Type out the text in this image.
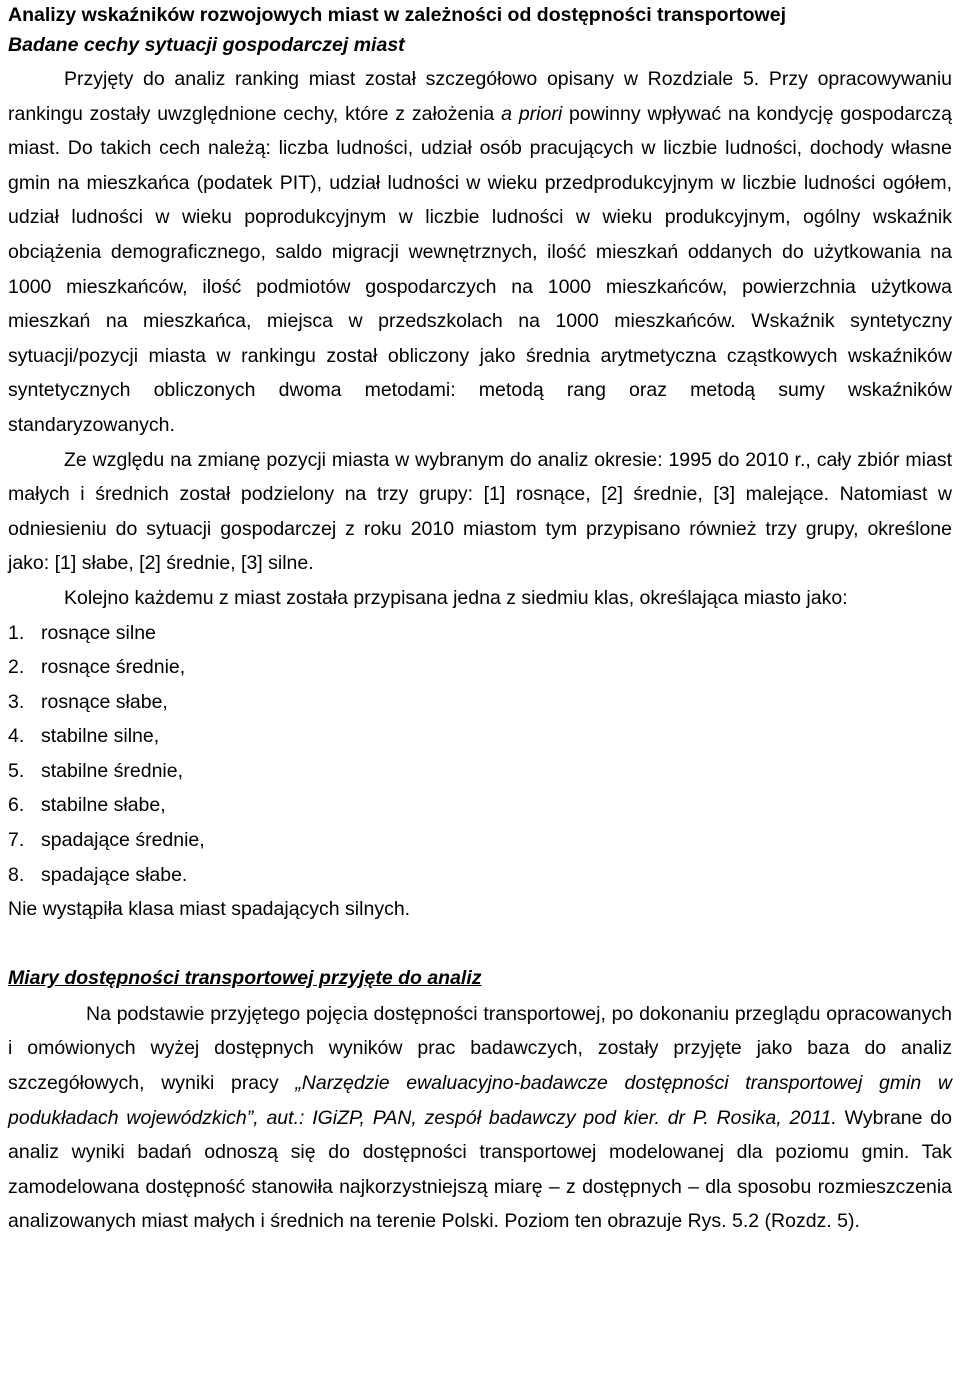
Analizy wskaźników rozwojowych miast w zależności od dostępności transportowej
Badane cechy sytuacji gospodarczej miast

Przyjęty do analiz ranking miast został szczegółowo opisany w Rozdziale 5. Przy opracowywaniu rankingu zostały uwzględnione cechy, które z założenia a priori powinny wpływać na kondycję gospodarczą miast. Do takich cech należą: liczba ludności, udział osób pracujących w liczbie ludności, dochody własne gmin na mieszkańca (podatek PIT), udział ludności w wieku przedprodukcyjnym w liczbie ludności ogółem, udział ludności w wieku poprodukcyjnym w liczbie ludności w wieku produkcyjnym, ogólny wskaźnik obciążenia demograficznego, saldo migracji wewnętrznych, ilość mieszkań oddanych do użytkowania na 1000 mieszkańców, ilość podmiotów gospodarczych na 1000 mieszkańców, powierzchnia użytkowa mieszkań na mieszkańca, miejsca w przedszkolach na 1000 mieszkańców. Wskaźnik syntetyczny sytuacji/pozycji miasta w rankingu został obliczony jako średnia arytmetyczna cząstkowych wskaźników syntetycznych obliczonych dwoma metodami: metodą rang oraz metodą sumy wskaźników standaryzowanych.

Ze względu na zmianę pozycji miasta w wybranym do analiz okresie: 1995 do 2010 r., cały zbiór miast małych i średnich został podzielony na trzy grupy: [1] rosnące, [2] średnie, [3] malejące. Natomiast w odniesieniu do sytuacji gospodarczej z roku 2010 miastom tym przypisano również trzy grupy, określone jako: [1] słabe, [2] średnie, [3] silne.

Kolejno każdemu z miast została przypisana jedna z siedmiu klas, określająca miasto jako:

1. rosnące silne
2. rosnące średnie,
3. rosnące słabe,
4. stabilne silne,
5. stabilne średnie,
6. stabilne słabe,
7. spadające średnie,
8. spadające słabe.

Nie wystąpiła klasa miast spadających silnych.

Miary dostępności transportowej przyjęte do analiz

Na podstawie przyjętego pojęcia dostępności transportowej, po dokonaniu przeglądu opracowanych i omówionych wyżej dostępnych wyników prac badawczych, zostały przyjęte jako baza do analiz szczegółowych, wyniki pracy „Narzędzie ewaluacyjno-badawcze dostępności transportowej gmin w podukładach wojewódzkich”, aut.: IGiZP, PAN, zespół badawczy pod kier. dr P. Rosika, 2011. Wybrane do analiz wyniki badań odnoszą się do dostępności transportowej modelowanej dla poziomu gmin. Tak zamodelowana dostępność stanowiła najkorzystniejszą miarę – z dostępnych – dla sposobu rozmieszczenia analizowanych miast małych i średnich na terenie Polski. Poziom ten obrazuje Rys. 5.2 (Rozdz. 5).
